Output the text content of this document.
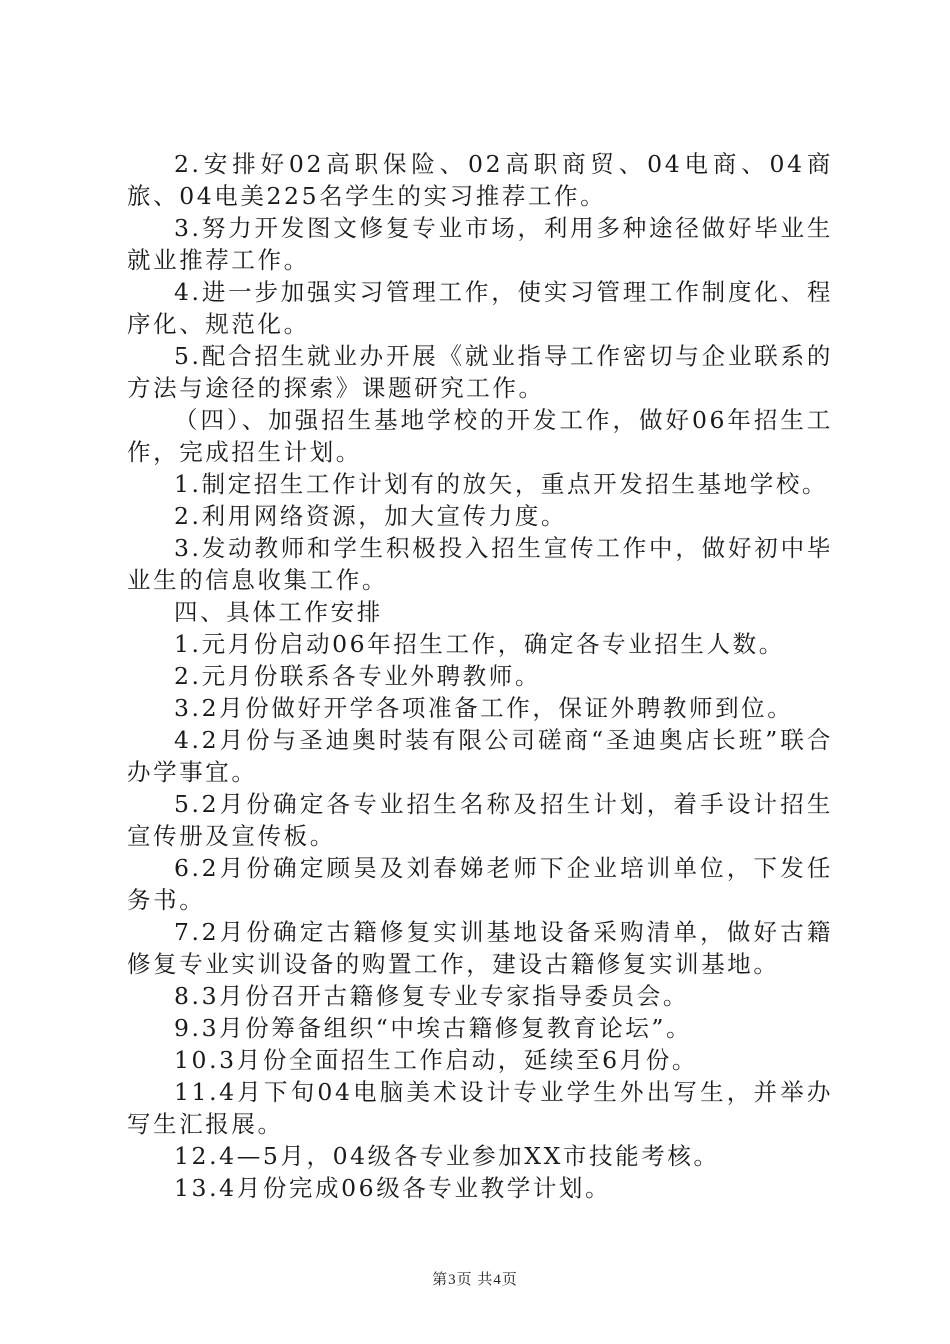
2.安排好02高职保险、02高职商贸、04电商、04商旅、04电美225名学生的实习推荐工作。

3.努力开发图文修复专业市场，利用多种途径做好毕业生就业推荐工作。

4.进一步加强实习管理工作，使实习管理工作制度化、程序化、规范化。

5.配合招生就业办开展《就业指导工作密切与企业联系的方法与途径的探索》课题研究工作。

（四）、加强招生基地学校的开发工作，做好06年招生工作，完成招生计划。

1.制定招生工作计划有的放矢，重点开发招生基地学校。

2.利用网络资源，加大宣传力度。

3.发动教师和学生积极投入招生宣传工作中，做好初中毕业生的信息收集工作。

四、具体工作安排

1.元月份启动06年招生工作，确定各专业招生人数。

2.元月份联系各专业外聘教师。

3.2月份做好开学各项准备工作，保证外聘教师到位。

4.2月份与圣迪奥时装有限公司磋商“圣迪奥店长班”联合办学事宜。

5.2月份确定各专业招生名称及招生计划，着手设计招生宣传册及宣传板。

6.2月份确定顾昊及刘春娣老师下企业培训单位，下发任务书。

7.2月份确定古籍修复实训基地设备采购清单，做好古籍修复专业实训设备的购置工作，建设古籍修复实训基地。

8.3月份召开古籍修复专业专家指导委员会。

9.3月份筹备组织“中埃古籍修复教育论坛”。

10.3月份全面招生工作启动，延续至6月份。

11.4月下旬04电脑美术设计专业学生外出写生，并举办写生汇报展。

12.4—5月，04级各专业参加XX市技能考核。

13.4月份完成06级各专业教学计划。

第3页 共4页
